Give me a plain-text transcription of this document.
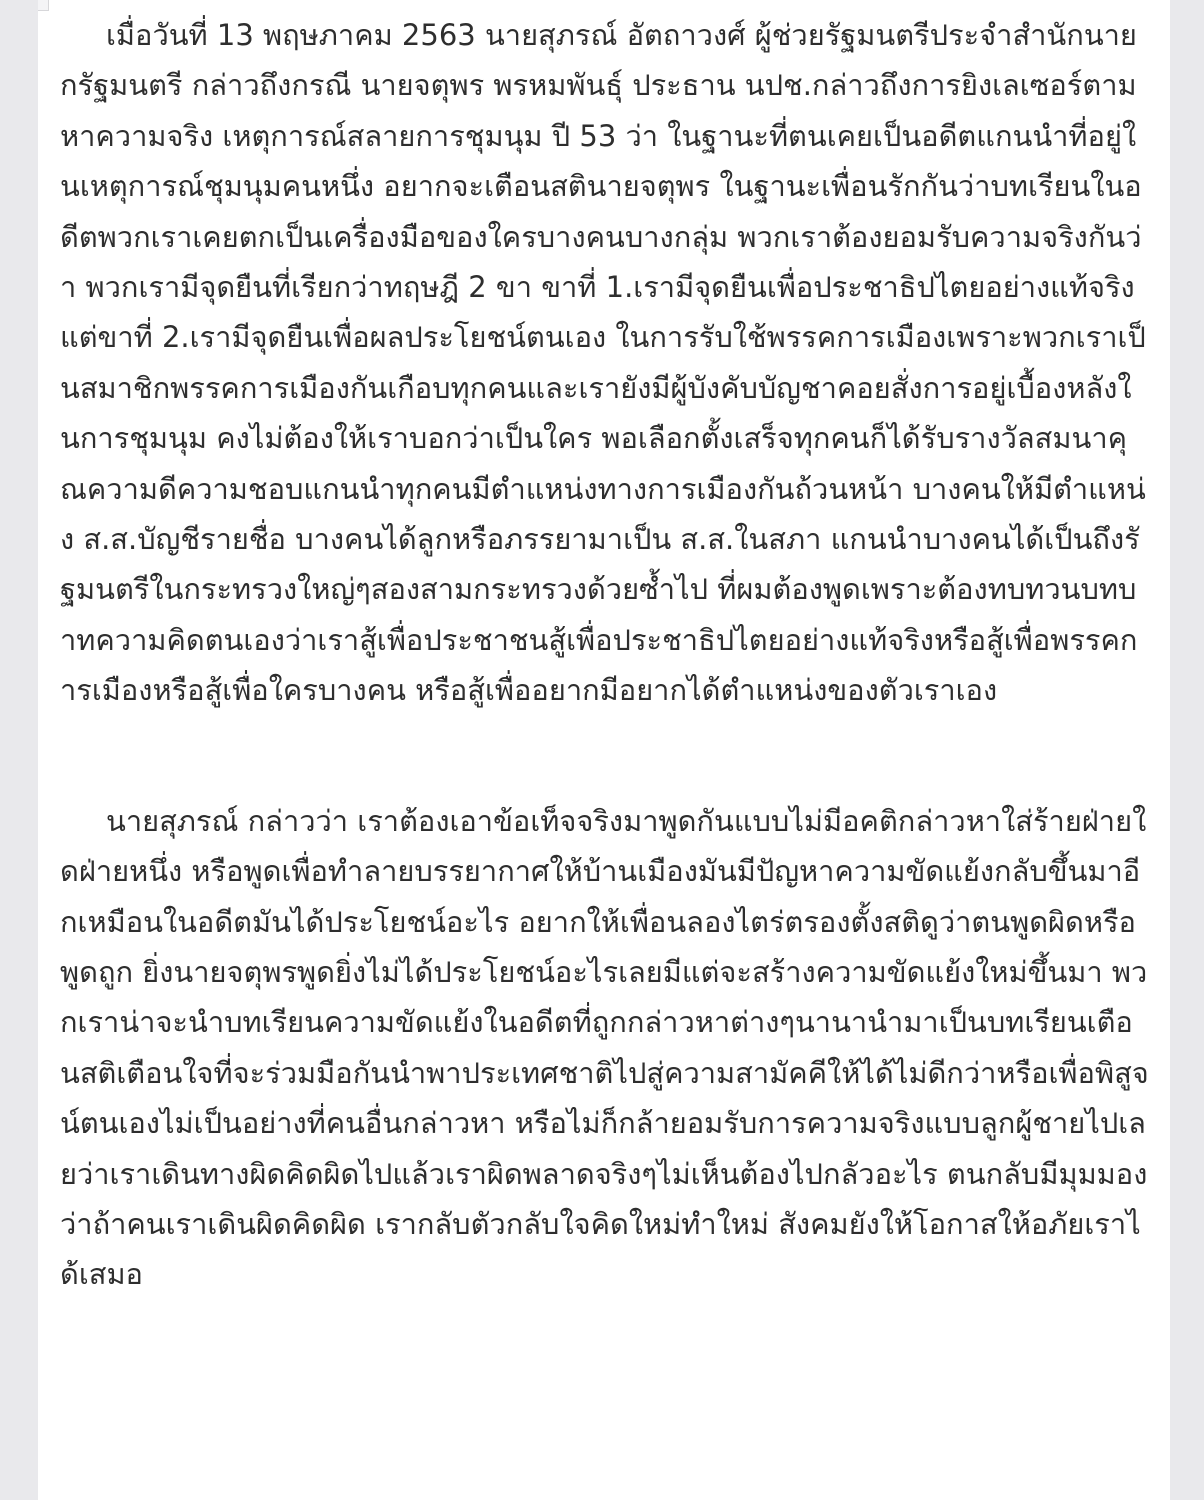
เมื่อวันที่ 13 พฤษภาคม 2563 นายสุภรณ์ อัตถาวงศ์ ผู้ช่วยรัฐมนตรีประจำสำนักนายกรัฐมนตรี กล่าวถึงกรณี นายจตุพร พรหมพันธุ์ ประธาน นปช.กล่าวถึงการยิงเลเซอร์ตามหาความจริง เหตุการณ์สลายการชุมนุม ปี 53 ว่า ในฐานะที่ตนเคยเป็นอดีตแกนนำที่อยู่ในเหตุการณ์ชุมนุมคนหนึ่ง อยากจะเตือนสตินายจตุพร ในฐานะเพื่อนรักกันว่าบทเรียนในอดีตพวกเราเคยตกเป็นเครื่องมือของใครบางคนบางกลุ่ม พวกเราต้องยอมรับความจริงกันว่า พวกเรามีจุดยืนที่เรียกว่าทฤษฎี 2 ขา ขาที่ 1.เรามีจุดยืนเพื่อประชาธิปไตยอย่างแท้จริง แต่ขาที่ 2.เรามีจุดยืนเพื่อผลประโยชน์ตนเอง ในการรับใช้พรรคการเมืองเพราะพวกเราเป็นสมาชิกพรรคการเมืองกันเกือบทุกคนและเรายังมีผู้บังคับบัญชาคอยสั่งการอยู่เบื้องหลังในการชุมนุม คงไม่ต้องให้เราบอกว่าเป็นใคร พอเลือกตั้งเสร็จทุกคนก็ได้รับรางวัลสมนาคุณความดีความชอบแกนนำทุกคนมีตำแหน่งทางการเมืองกันถ้วนหน้า บางคนให้มีตำแหน่ง ส.ส.บัญชีรายชื่อ บางคนได้ลูกหรือภรรยามาเป็น ส.ส.ในสภา แกนนำบางคนได้เป็นถึงรัฐมนตรีในกระทรวงใหญ่ๆสองสามกระทรวงด้วยซ้ำไป ที่ผมต้องพูดเพราะต้องทบทวนบทบาทความคิดตนเองว่าเราสู้เพื่อประชาชนสู้เพื่อประชาธิปไตยอย่างแท้จริงหรือสู้เพื่อพรรคการเมืองหรือสู้เพื่อใครบางคน หรือสู้เพื่ออยากมีอยากได้ตำแหน่งของตัวเราเอง

นายสุภรณ์ กล่าวว่า เราต้องเอาข้อเท็จจริงมาพูดกันแบบไม่มีอคติกล่าวหาใส่ร้ายฝ่ายใดฝ่ายหนึ่ง หรือพูดเพื่อทำลายบรรยากาศให้บ้านเมืองมันมีปัญหาความขัดแย้งกลับขึ้นมาอีกเหมือนในอดีตมันได้ประโยชน์อะไร อยากให้เพื่อนลองไตร่ตรองตั้งสติดูว่าตนพูดผิดหรือพูดถูก ยิ่งนายจตุพรพูดยิ่งไม่ได้ประโยชน์อะไรเลยมีแต่จะสร้างความขัดแย้งใหม่ขึ้นมา พวกเราน่าจะนำบทเรียนความขัดแย้งในอดีตที่ถูกกล่าวหาต่างๆนานานำมาเป็นบทเรียนเตือนสติเตือนใจที่จะร่วมมือกันนำพาประเทศชาติไปสู่ความสามัคคีให้ได้ไม่ดีกว่าหรือเพื่อพิสูจน์ตนเองไม่เป็นอย่างที่คนอื่นกล่าวหา หรือไม่ก็กล้ายอมรับการความจริงแบบลูกผู้ชายไปเลยว่าเราเดินทางผิดคิดผิดไปแล้วเราผิดพลาดจริงๆไม่เห็นต้องไปกลัวอะไร ตนกลับมีมุมมองว่าถ้าคนเราเดินผิดคิดผิด เรากลับตัวกลับใจคิดใหม่ทำใหม่ สังคมยังให้โอกาสให้อภัยเราได้เสมอ
